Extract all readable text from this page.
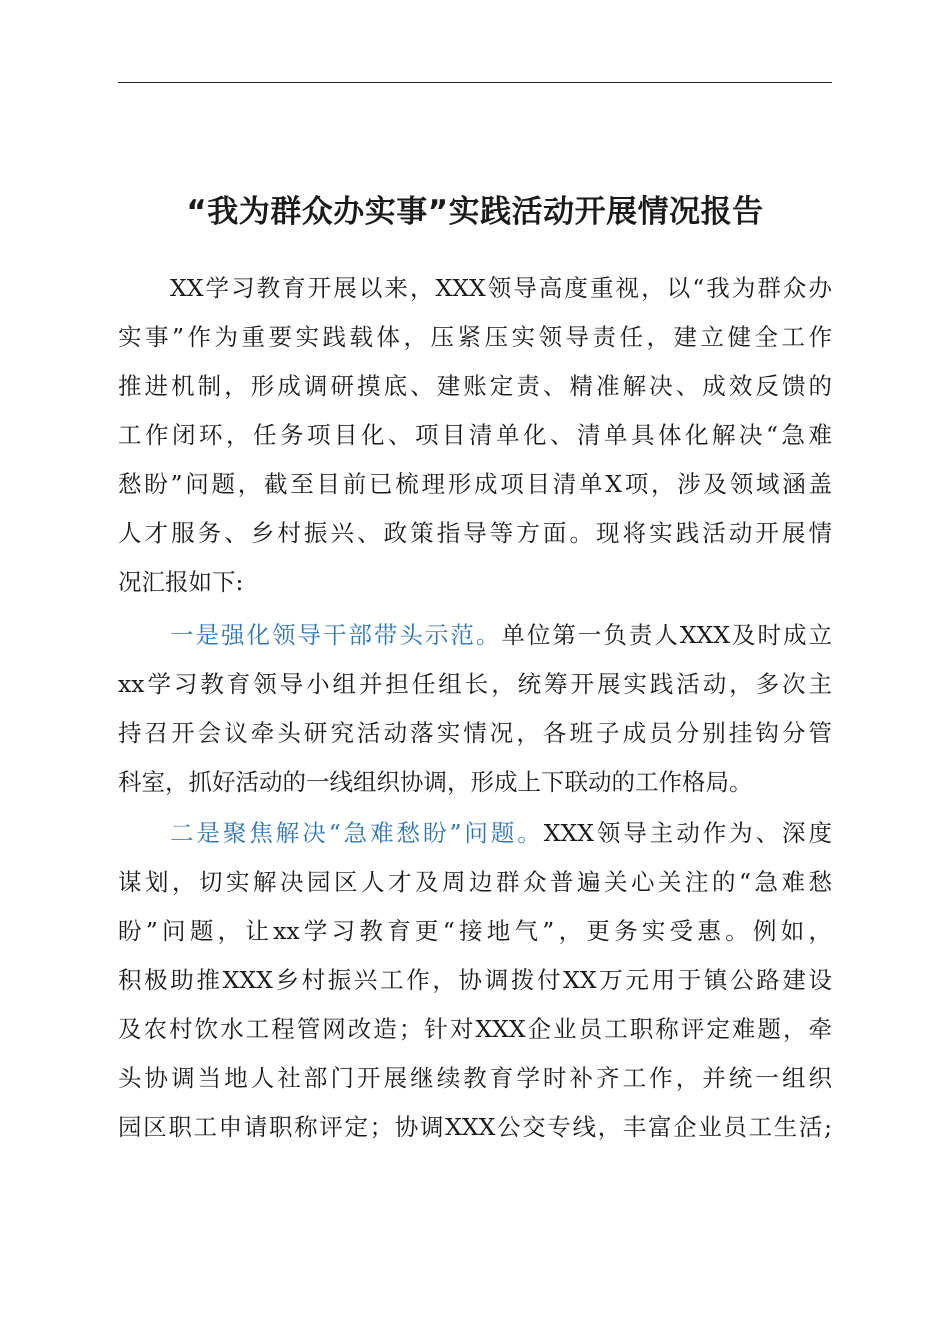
“我为群众办实事”实践活动开展情况报告

XX学习教育开展以来，XXX领导高度重视，以“我为群众办

实事”作为重要实践载体，压紧压实领导责任，建立健全工作

推进机制，形成调研摸底、建账定责、精准解决、成效反馈的

工作闭环，任务项目化、项目清单化、清单具体化解决“急难

愁盼”问题，截至目前已梳理形成项目清单X项，涉及领域涵盖

人才服务、乡村振兴、政策指导等方面。现将实践活动开展情

况汇报如下:

一是强化领导干部带头示范。单位第一负责人XXX及时成立

xx学习教育领导小组并担任组长，统筹开展实践活动，多次主

持召开会议牵头研究活动落实情况，各班子成员分别挂钩分管

科室，抓好活动的一线组织协调，形成上下联动的工作格局。

二是聚焦解决“急难愁盼”问题。XXX领导主动作为、深度

谋划，切实解决园区人才及周边群众普遍关心关注的“急难愁

盼”问题，让xx学习教育更“接地气”，更务实受惠。例如，

积极助推XXX乡村振兴工作，协调拨付XX万元用于镇公路建设

及农村饮水工程管网改造；针对XXX企业员工职称评定难题，牵

头协调当地人社部门开展继续教育学时补齐工作，并统一组织

园区职工申请职称评定；协调XXX公交专线，丰富企业员工生活;
